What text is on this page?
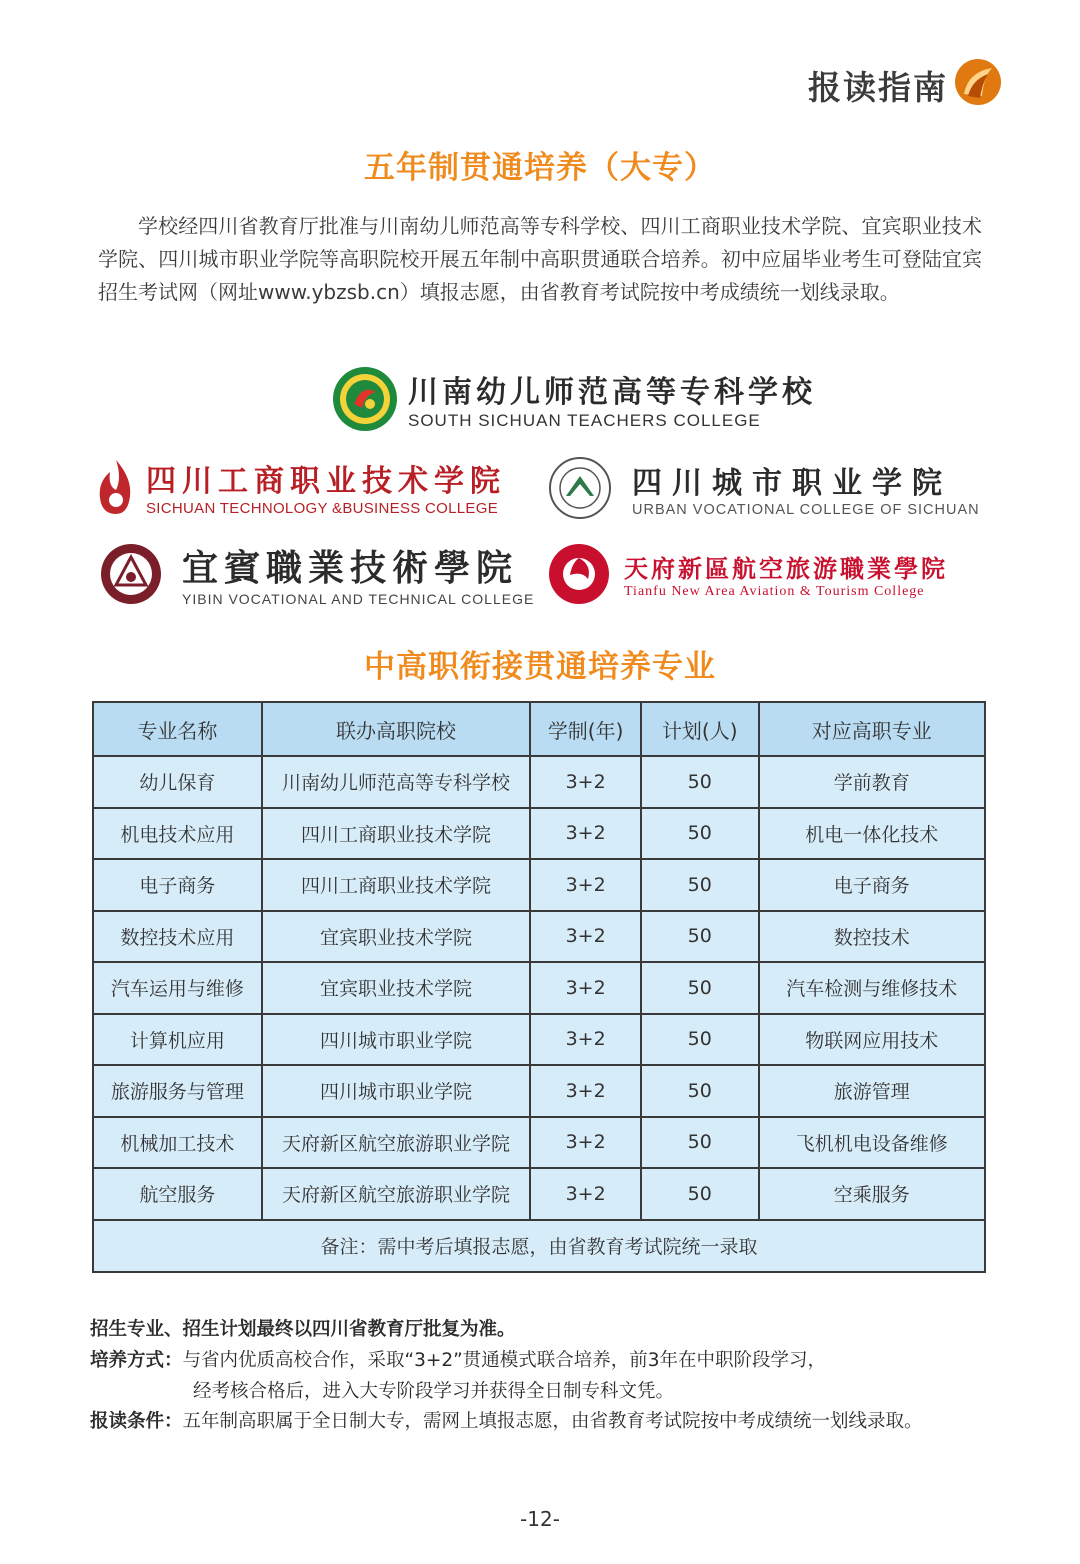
报读指南
五年制贯通培养（大专）

学校经四川省教育厅批准与川南幼儿师范高等专科学校、四川工商职业技术学院、宜宾职业技术学院、四川城市职业学院等高职院校开展五年制中高职贯通联合培养。初中应届毕业考生可登陆宜宾招生考试网（网址www.ybzsb.cn）填报志愿，由省教育考试院按中考成绩统一划线录取。

川南幼儿师范高等专科学校
SOUTH SICHUAN TEACHERS COLLEGE
四川工商职业技术学院
SICHUAN TECHNOLOGY &BUSINESS COLLEGE
四川城市职业学院
URBAN VOCATIONAL COLLEGE OF SICHUAN
宜賓職業技術學院
YIBIN VOCATIONAL AND TECHNICAL COLLEGE
天府新區航空旅游職業學院
Tianfu New Area Aviation & Tourism College
中高职衔接贯通培养专业
专业名称	联办高职院校	学制(年)	计划(人)	对应高职专业
幼儿保育	川南幼儿师范高等专科学校	3+2	50	学前教育
机电技术应用	四川工商职业技术学院	3+2	50	机电一体化技术
电子商务	四川工商职业技术学院	3+2	50	电子商务
数控技术应用	宜宾职业技术学院	3+2	50	数控技术
汽车运用与维修	宜宾职业技术学院	3+2	50	汽车检测与维修技术
计算机应用	四川城市职业学院	3+2	50	物联网应用技术
旅游服务与管理	四川城市职业学院	3+2	50	旅游管理
机械加工技术	天府新区航空旅游职业学院	3+2	50	飞机机电设备维修
航空服务	天府新区航空旅游职业学院	3+2	50	空乘服务
备注：需中考后填报志愿，由省教育考试院统一录取				
招生专业、招生计划最终以四川省教育厅批复为准。
培养方式：与省内优质高校合作，采取“3+2”贯通模式联合培养，前3年在中职阶段学习，
经考核合格后，进入大专阶段学习并获得全日制专科文凭。
报读条件：五年制高职属于全日制大专，需网上填报志愿，由省教育考试院按中考成绩统一划线录取。
-12-
